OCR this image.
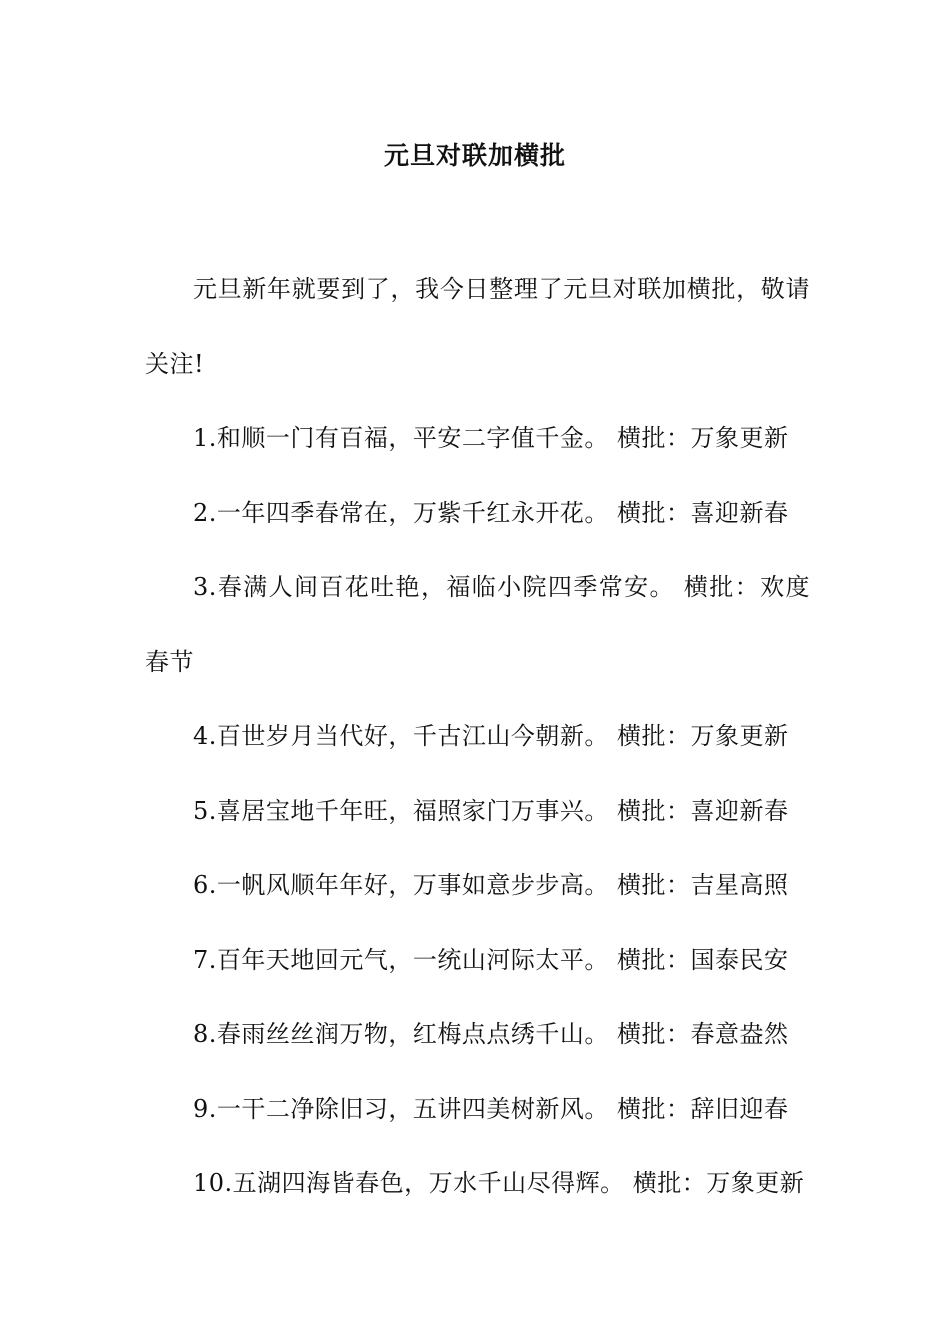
元旦对联加横批

元旦新年就要到了，我今日整理了元旦对联加横批，敬请关注!

1.和顺一门有百福，平安二字值千金。 横批：万象更新

2.一年四季春常在，万紫千红永开花。 横批：喜迎新春

3.春满人间百花吐艳，福临小院四季常安。 横批：欢度春节

4.百世岁月当代好，千古江山今朝新。 横批：万象更新

5.喜居宝地千年旺，福照家门万事兴。 横批：喜迎新春

6.一帆风顺年年好，万事如意步步高。 横批：吉星高照

7.百年天地回元气，一统山河际太平。 横批：国泰民安

8.春雨丝丝润万物，红梅点点绣千山。 横批：春意盎然

9.一干二净除旧习，五讲四美树新风。 横批：辞旧迎春

10.五湖四海皆春色，万水千山尽得辉。 横批：万象更新
